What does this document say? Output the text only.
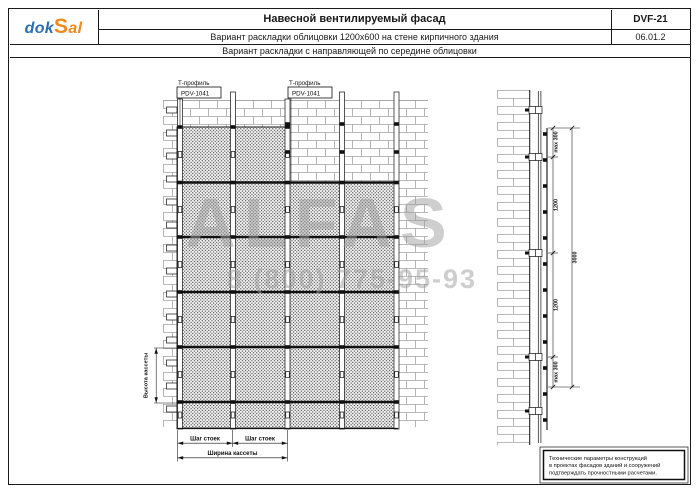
dokSal
Навесной вентилируемый фасад	DVF-21
Вариант раскладки облицовки 1200х600 на стене кирпичного здания	06.01.2
Вариант раскладки с направляющей по середине облицовки
Т-профиль
PDV-1041
Т-профиль
PDV-1041
Шаг стоек	Шаг стоек
Ширина кассеты
Высота кассеты
ALFAS
8 (800) 775-95-93
max 300
1200
1200
max 300
3000
Технические параметры конструкций
в проектах фасадов зданий и сооружений
подтверждать прочностными расчетами.
